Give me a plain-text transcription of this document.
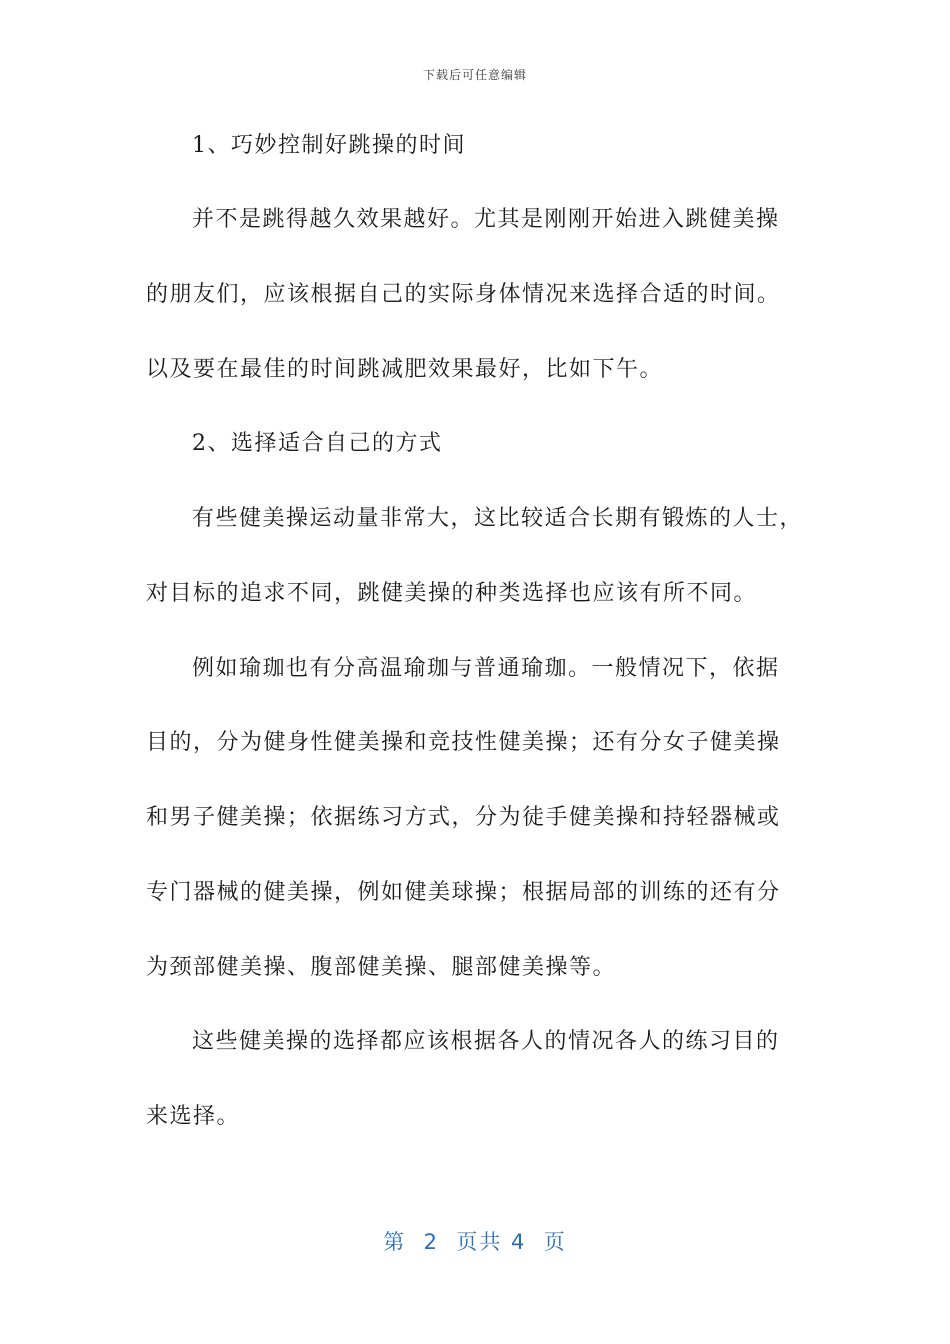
下载后可任意编辑
1、巧妙控制好跳操的时间
并不是跳得越久效果越好。尤其是刚刚开始进入跳健美操
的朋友们，应该根据自己的实际身体情况来选择合适的时间。
以及要在最佳的时间跳减肥效果最好，比如下午。
2、选择适合自己的方式
有些健美操运动量非常大，这比较适合长期有锻炼的人士，
对目标的追求不同，跳健美操的种类选择也应该有所不同。
例如瑜珈也有分高温瑜珈与普通瑜珈。一般情况下，依据
目的，分为健身性健美操和竞技性健美操；还有分女子健美操
和男子健美操；依据练习方式，分为徒手健美操和持轻器械或
专门器械的健美操，例如健美球操；根据局部的训练的还有分
为颈部健美操、腹部健美操、腿部健美操等。
这些健美操的选择都应该根据各人的情况各人的练习目的
来选择。
第  2  页共 4  页
